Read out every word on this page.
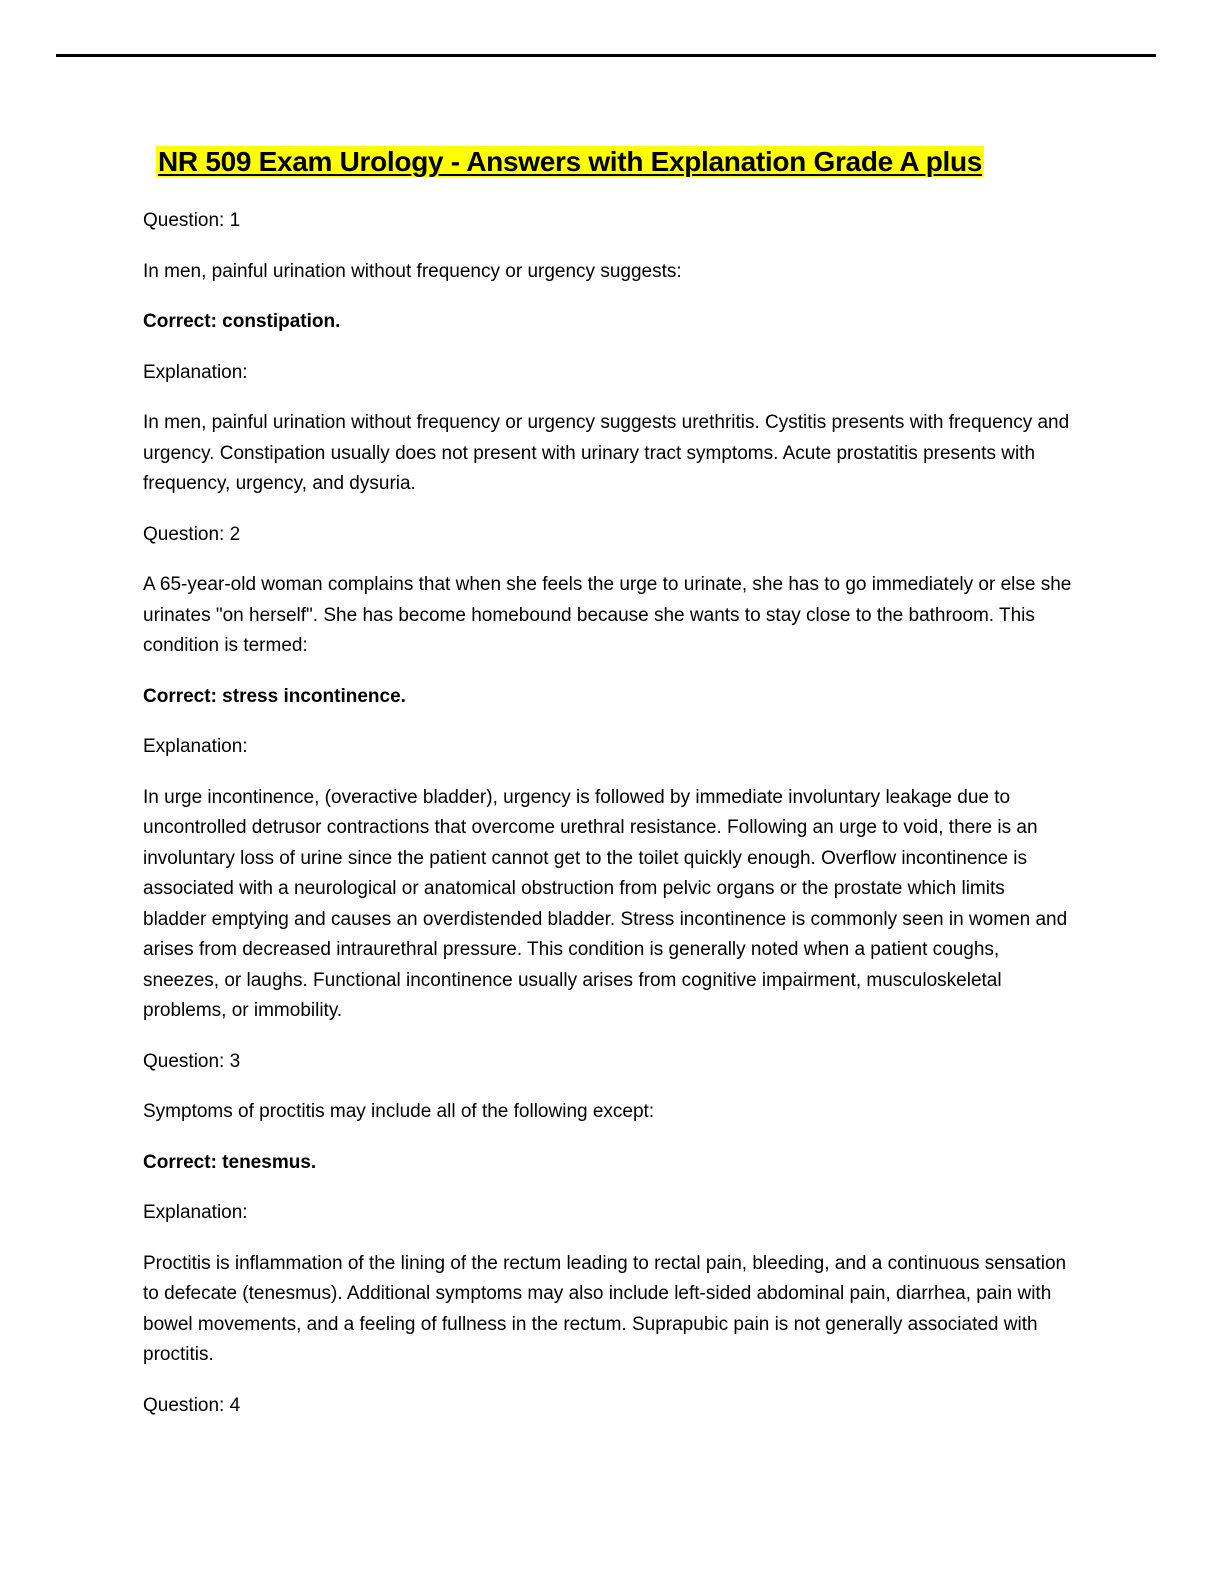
NR 509 Exam Urology - Answers with Explanation Grade A plus

Question: 1

In men, painful urination without frequency or urgency suggests:

Correct: constipation.

Explanation:

In men, painful urination without frequency or urgency suggests urethritis. Cystitis presents with frequency and urgency. Constipation usually does not present with urinary tract symptoms. Acute prostatitis presents with frequency, urgency, and dysuria.

Question: 2

A 65-year-old woman complains that when she feels the urge to urinate, she has to go immediately or else she urinates "on herself". She has become homebound because she wants to stay close to the bathroom. This condition is termed:

Correct: stress incontinence.

Explanation:

In urge incontinence, (overactive bladder), urgency is followed by immediate involuntary leakage due to uncontrolled detrusor contractions that overcome urethral resistance. Following an urge to void, there is an involuntary loss of urine since the patient cannot get to the toilet quickly enough. Overflow incontinence is associated with a neurological or anatomical obstruction from pelvic organs or the prostate which limits bladder emptying and causes an overdistended bladder. Stress incontinence is commonly seen in women and arises from decreased intraurethral pressure. This condition is generally noted when a patient coughs, sneezes, or laughs. Functional incontinence usually arises from cognitive impairment, musculoskeletal problems, or immobility.

Question: 3

Symptoms of proctitis may include all of the following except:

Correct: tenesmus.

Explanation:

Proctitis is inflammation of the lining of the rectum leading to rectal pain, bleeding, and a continuous sensation to defecate (tenesmus). Additional symptoms may also include left-sided abdominal pain, diarrhea, pain with bowel movements, and a feeling of fullness in the rectum. Suprapubic pain is not generally associated with proctitis.

Question: 4
